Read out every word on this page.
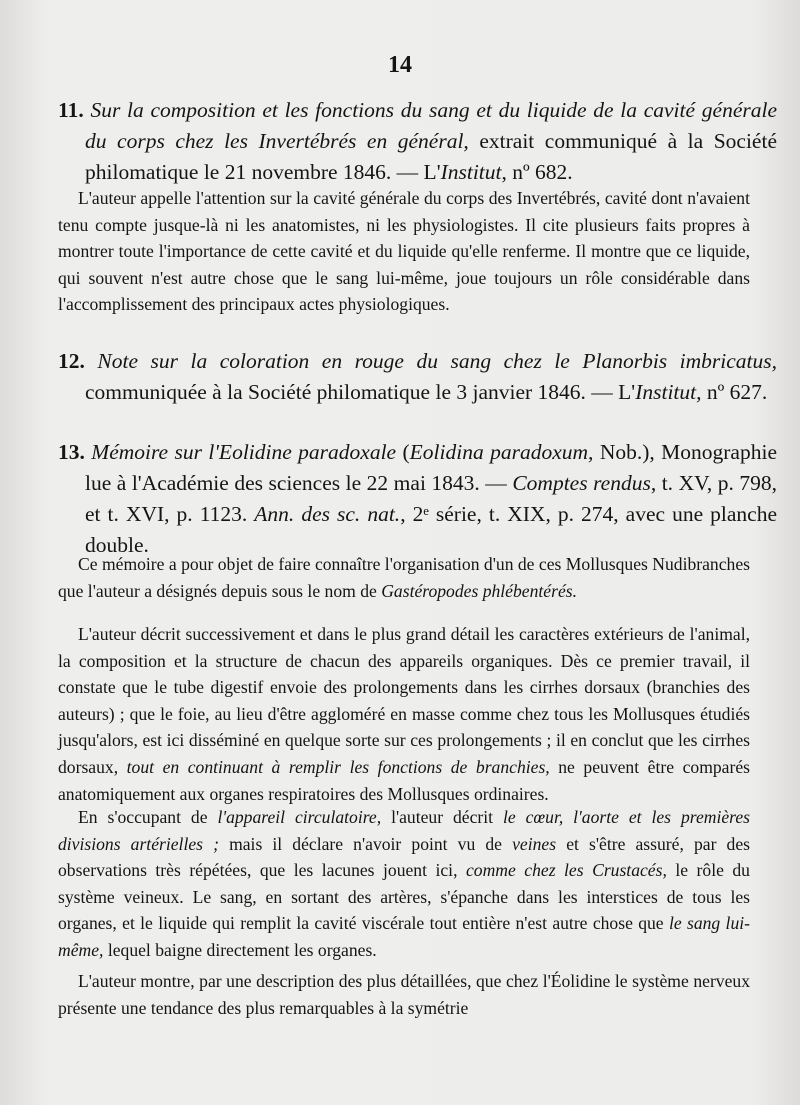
14

11. Sur la composition et les fonctions du sang et du liquide de la cavité générale du corps chez les Invertébrés en général, extrait communiqué à la Société philomatique le 21 novembre 1846. — L'Institut, nº 682.

L'auteur appelle l'attention sur la cavité générale du corps des Invertébrés, cavité dont n'avaient tenu compte jusque-là ni les anatomistes, ni les physiologistes. Il cite plusieurs faits propres à montrer toute l'importance de cette cavité et du liquide qu'elle renferme. Il montre que ce liquide, qui souvent n'est autre chose que le sang lui-même, joue toujours un rôle considérable dans l'accomplissement des principaux actes physiologiques.

12. Note sur la coloration en rouge du sang chez le Planorbis imbricatus, communiquée à la Société philomatique le 3 janvier 1846. — L'Institut, nº 627.

13. Mémoire sur l'Eolidine paradoxale (Eolidina paradoxum, Nob.), Monographie lue à l'Académie des sciences le 22 mai 1843. — Comptes rendus, t. XV, p. 798, et t. XVI, p. 1123. Ann. des sc. nat., 2ᵉ série, t. XIX, p. 274, avec une planche double.

Ce mémoire a pour objet de faire connaître l'organisation d'un de ces Mollusques Nudibranches que l'auteur a désignés depuis sous le nom de Gastéropodes phlébentérés.

L'auteur décrit successivement et dans le plus grand détail les caractères extérieurs de l'animal, la composition et la structure de chacun des appareils organiques. Dès ce premier travail, il constate que le tube digestif envoie des prolongements dans les cirrhes dorsaux (branchies des auteurs) ; que le foie, au lieu d'être aggloméré en masse comme chez tous les Mollusques étudiés jusqu'alors, est ici disséminé en quelque sorte sur ces prolongements ; il en conclut que les cirrhes dorsaux, tout en continuant à remplir les fonctions de branchies, ne peuvent être comparés anatomiquement aux organes respiratoires des Mollusques ordinaires.

En s'occupant de l'appareil circulatoire, l'auteur décrit le cœur, l'aorte et les premières divisions artérielles ; mais il déclare n'avoir point vu de veines et s'être assuré, par des observations très répétées, que les lacunes jouent ici, comme chez les Crustacés, le rôle du système veineux. Le sang, en sortant des artères, s'épanche dans les interstices de tous les organes, et le liquide qui remplit la cavité viscérale tout entière n'est autre chose que le sang lui-même, lequel baigne directement les organes.

L'auteur montre, par une description des plus détaillées, que chez l'Éolidine le système nerveux présente une tendance des plus remarquables à la symétrie
